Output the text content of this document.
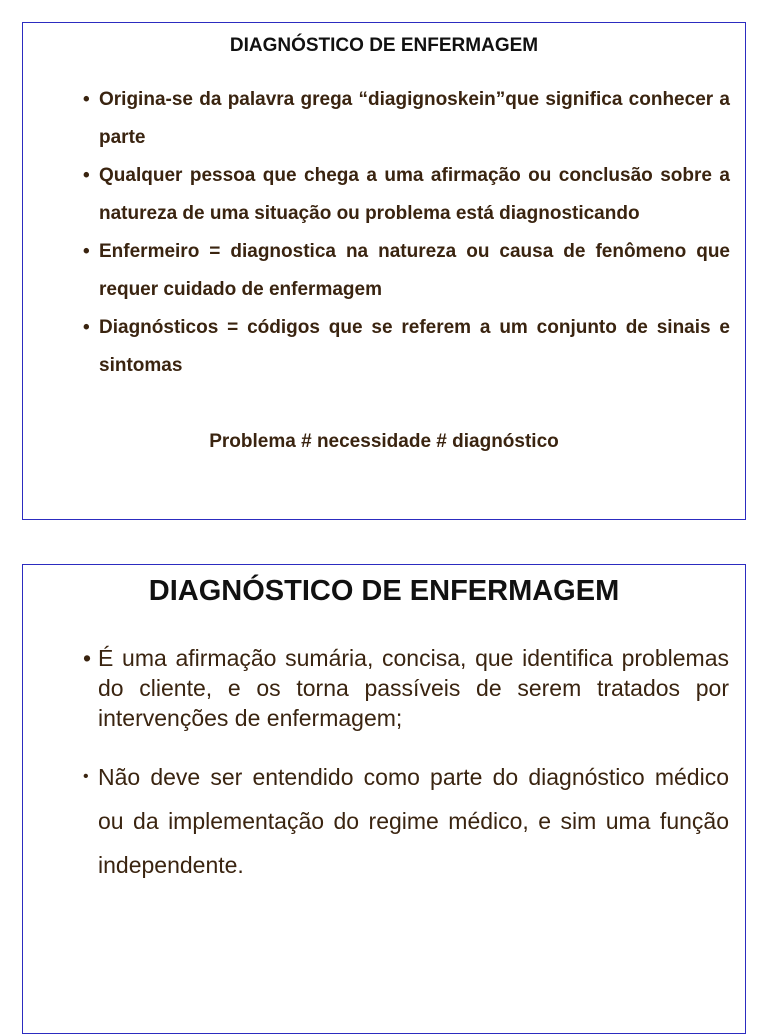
DIAGNÓSTICO DE ENFERMAGEM
• Origina-se da palavra grega “diagignoskein”que significa conhecer a parte
• Qualquer pessoa que chega a uma afirmação ou conclusão sobre a natureza de uma situação ou problema está diagnosticando
• Enfermeiro = diagnostica na natureza ou causa de fenômeno que requer cuidado de enfermagem
• Diagnósticos = códigos que se referem a um conjunto de sinais e sintomas
Problema # necessidade # diagnóstico
DIAGNÓSTICO DE ENFERMAGEM
• É uma afirmação sumária, concisa, que identifica problemas do cliente, e os torna passíveis de serem tratados por intervenções de enfermagem;
• Não deve ser entendido como parte do diagnóstico médico ou da implementação do regime médico, e sim uma função independente.
